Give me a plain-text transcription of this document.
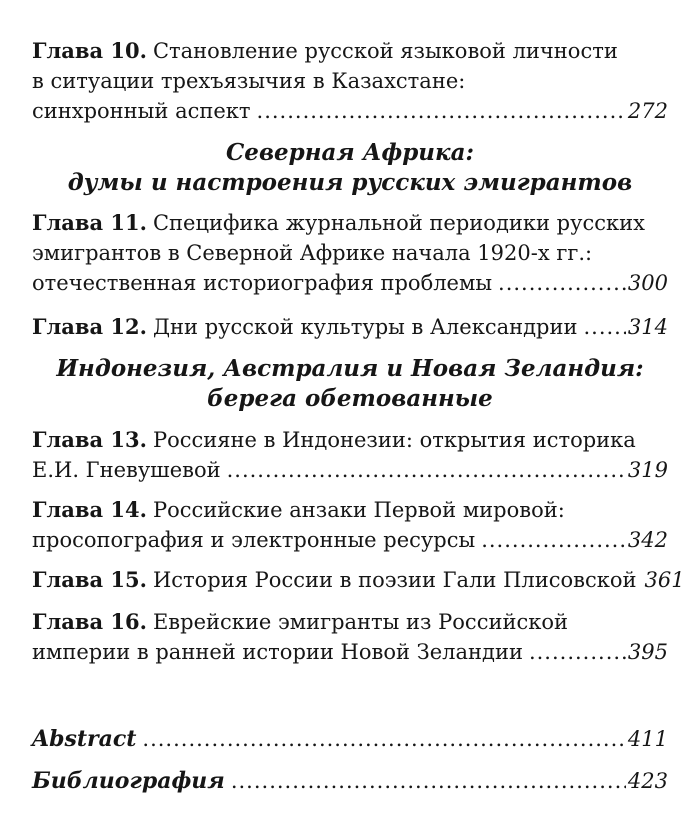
Глава 10. Становление русской языковой личности
в ситуации трехъязычия в Казахстане:
синхронный аспект .....	272
Северная Африка:
думы и настроения русских эмигрантов
Глава 11. Специфика журнальной периодики русских
эмигрантов в Северной Африке начала 1920-х гг.:
отечественная историография проблемы .....	300
Глава 12. Дни русской культуры в Александрии ..... 314
Индонезия, Австралия и Новая Зеландия:
берега обетованные
Глава 13. Россияне в Индонезии: открытия историка
Е.И. Гневушевой .....	319
Глава 14. Российские анзаки Первой мировой:
просопография и электронные ресурсы .....	342
Глава 15. История России в поэзии Гали Плисовской 361
Глава 16. Еврейские эмигранты из Российской
империи в ранней истории Новой Зеландии .....	395
Abstract .....	411
Библиография .....	423
